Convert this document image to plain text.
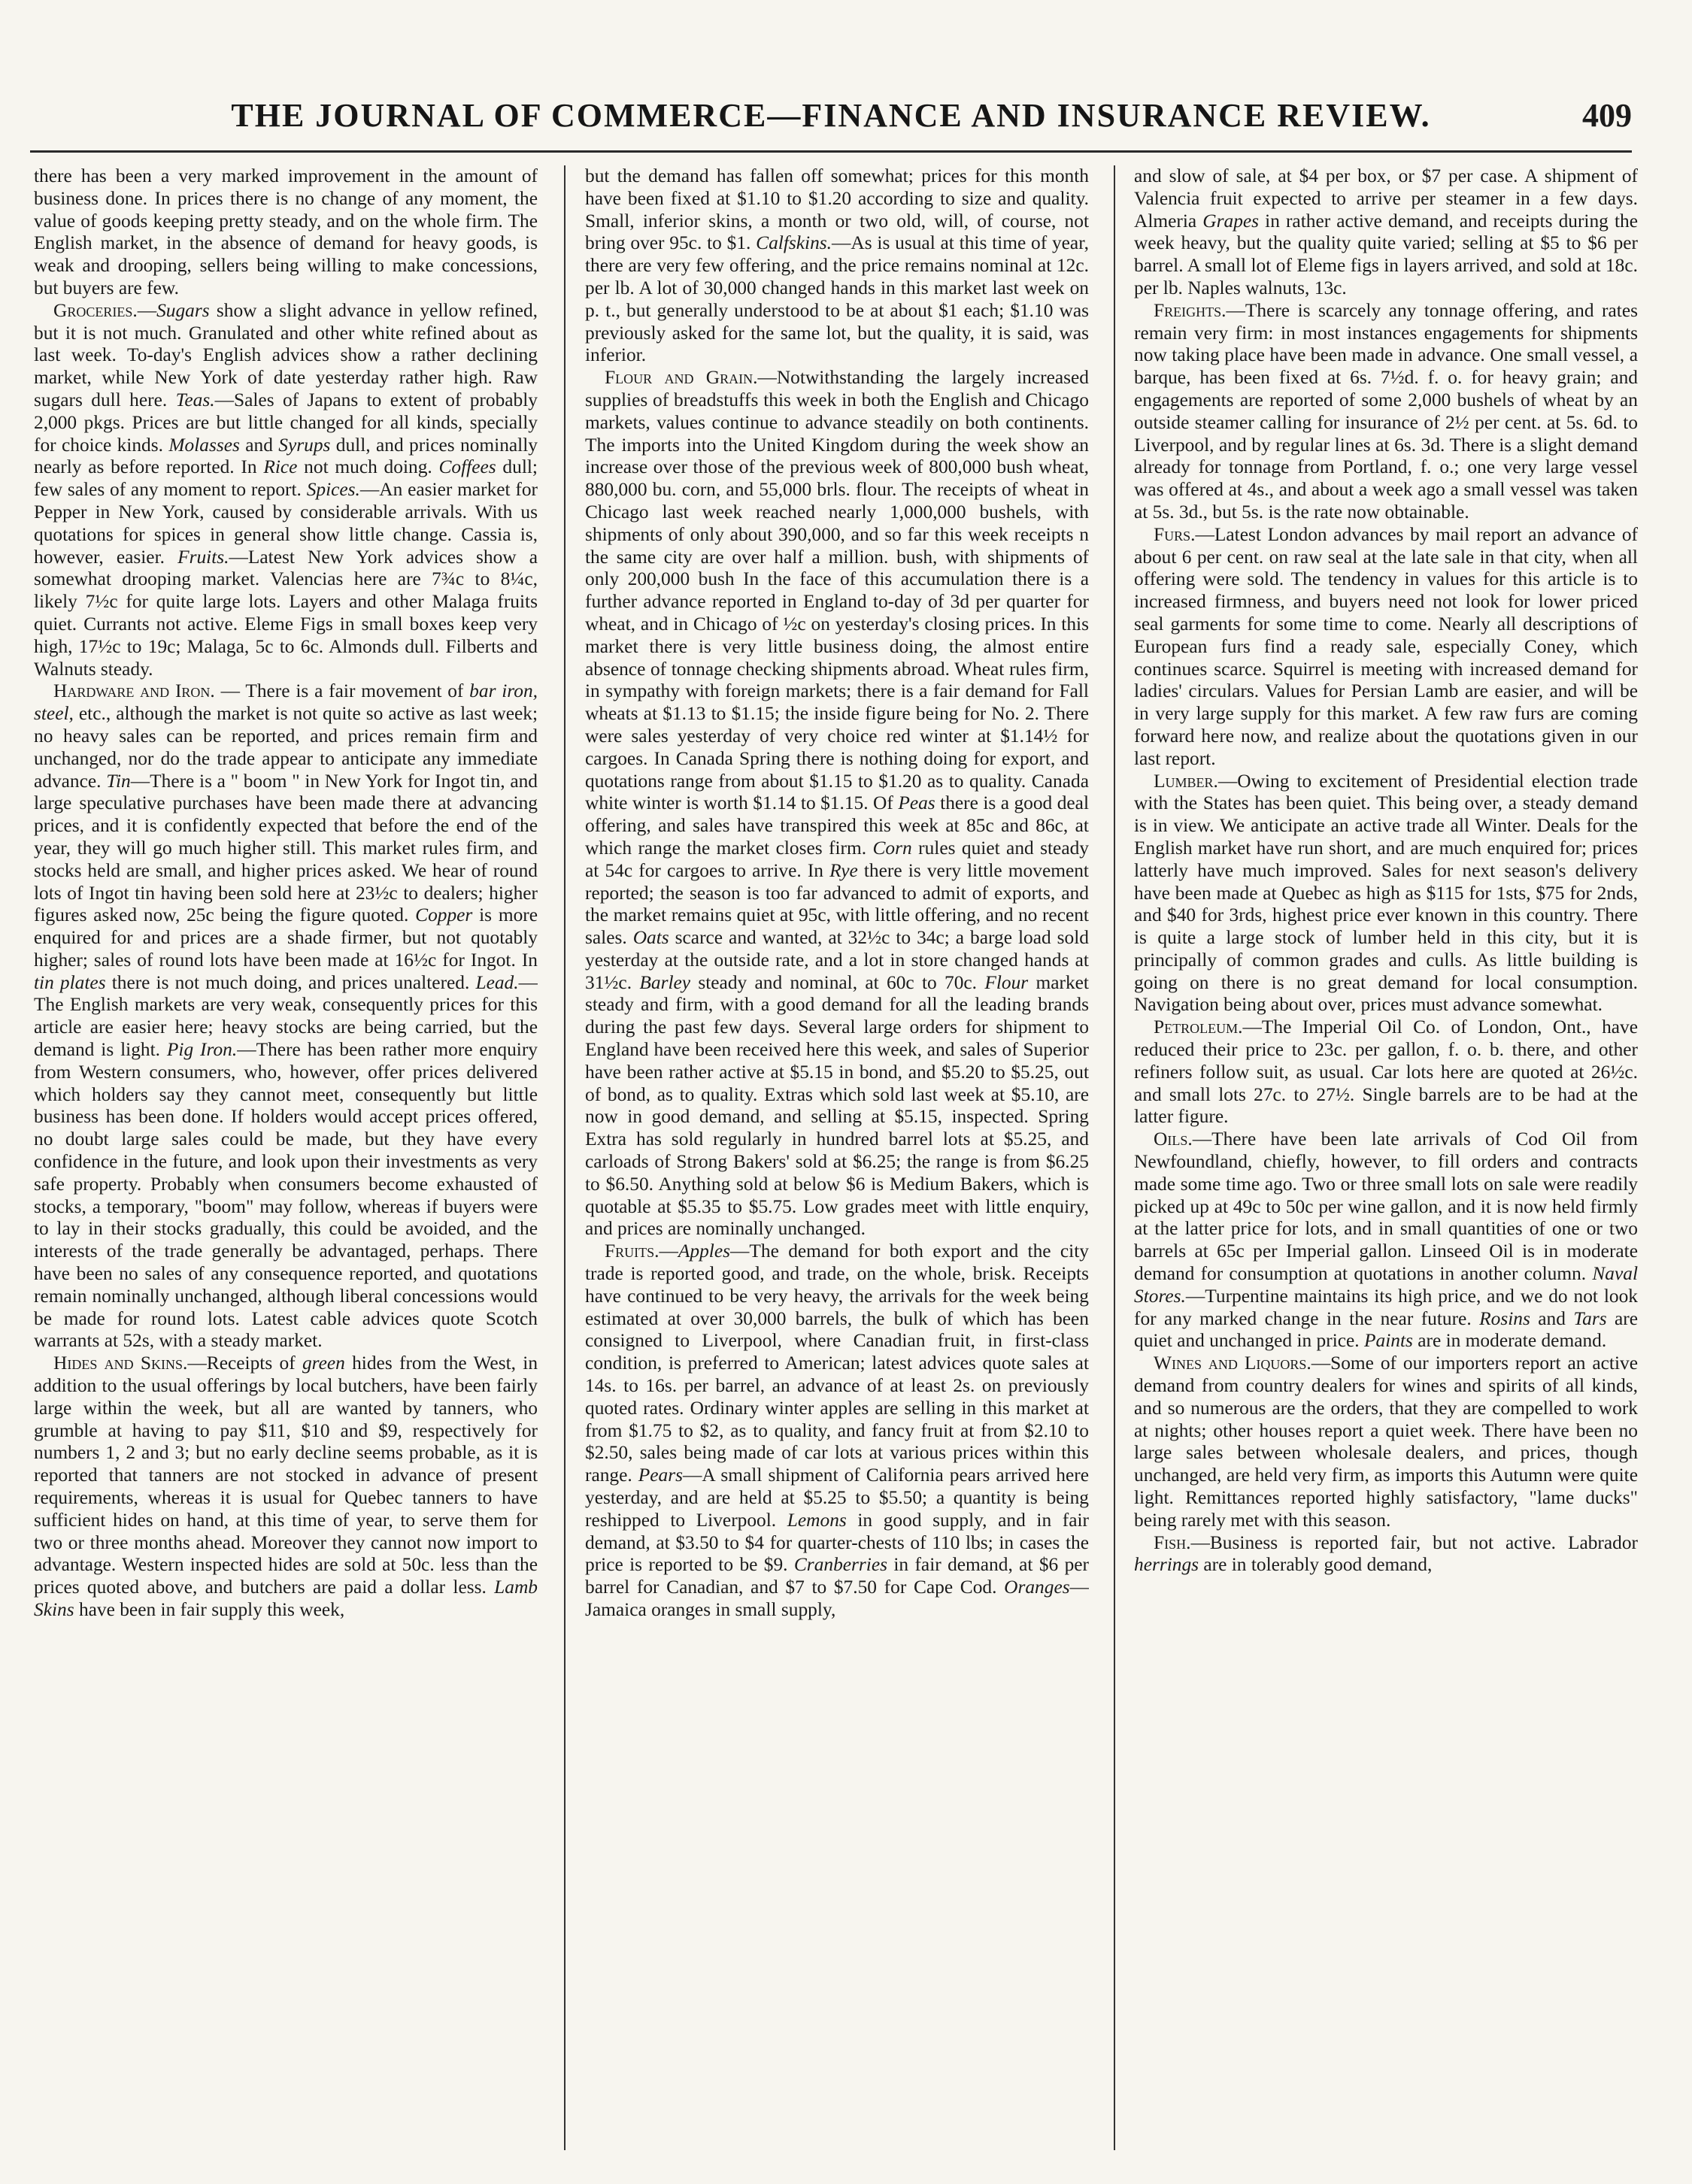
THE JOURNAL OF COMMERCE—FINANCE AND INSURANCE REVIEW.	409

there has been a very marked improvement in the amount of business done. In prices there is no change of any moment, the value of goods keeping pretty steady, and on the whole firm. The English market, in the absence of demand for heavy goods, is weak and drooping, sellers being willing to make concessions, but buyers are few.

Groceries.—Sugars show a slight advance in yellow refined, but it is not much. Granulated and other white refined about as last week. To-day's English advices show a rather declining market, while New York of date yesterday rather high. Raw sugars dull here. Teas.—Sales of Japans to extent of probably 2,000 pkgs. Prices are but little changed for all kinds, specially for choice kinds. Molasses and Syrups dull, and prices nominally nearly as before reported. In Rice not much doing. Coffees dull; few sales of any moment to report. Spices.—An easier market for Pepper in New York, caused by considerable arrivals. With us quotations for spices in general show little change. Cassia is, however, easier. Fruits.—Latest New York advices show a somewhat drooping market. Valencias here are 7¾c to 8¼c, likely 7½c for quite large lots. Layers and other Malaga fruits quiet. Currants not active. Eleme Figs in small boxes keep very high, 17½c to 19c; Malaga, 5c to 6c. Almonds dull. Filberts and Walnuts steady.

Hardware and Iron. — There is a fair movement of bar iron, steel, etc., although the market is not quite so active as last week; no heavy sales can be reported, and prices remain firm and unchanged, nor do the trade appear to anticipate any immediate advance. Tin—There is a " boom " in New York for Ingot tin, and large speculative purchases have been made there at advancing prices, and it is confidently expected that before the end of the year, they will go much higher still. This market rules firm, and stocks held are small, and higher prices asked. We hear of round lots of Ingot tin having been sold here at 23½c to dealers; higher figures asked now, 25c being the figure quoted. Copper is more enquired for and prices are a shade firmer, but not quotably higher; sales of round lots have been made at 16½c for Ingot. In tin plates there is not much doing, and prices unaltered. Lead.—The English markets are very weak, consequently prices for this article are easier here; heavy stocks are being carried, but the demand is light. Pig Iron.—There has been rather more enquiry from Western consumers, who, however, offer prices delivered which holders say they cannot meet, consequently but little business has been done. If holders would accept prices offered, no doubt large sales could be made, but they have every confidence in the future, and look upon their investments as very safe property. Probably when consumers become exhausted of stocks, a temporary, "boom" may follow, whereas if buyers were to lay in their stocks gradually, this could be avoided, and the interests of the trade generally be advantaged, perhaps. There have been no sales of any consequence reported, and quotations remain nominally unchanged, although liberal concessions would be made for round lots. Latest cable advices quote Scotch warrants at 52s, with a steady market.

Hides and Skins.—Receipts of green hides from the West, in addition to the usual offerings by local butchers, have been fairly large within the week, but all are wanted by tanners, who grumble at having to pay $11, $10 and $9, respectively for numbers 1, 2 and 3; but no early decline seems probable, as it is reported that tanners are not stocked in advance of present requirements, whereas it is usual for Quebec tanners to have sufficient hides on hand, at this time of year, to serve them for two or three months ahead. Moreover they cannot now import to advantage. Western inspected hides are sold at 50c. less than the prices quoted above, and butchers are paid a dollar less. Lamb Skins have been in fair supply this week,

but the demand has fallen off somewhat; prices for this month have been fixed at $1.10 to $1.20 according to size and quality. Small, inferior skins, a month or two old, will, of course, not bring over 95c. to $1. Calfskins.—As is usual at this time of year, there are very few offering, and the price remains nominal at 12c. per lb. A lot of 30,000 changed hands in this market last week on p. t., but generally understood to be at about $1 each; $1.10 was previously asked for the same lot, but the quality, it is said, was inferior.

Flour and Grain.—Notwithstanding the largely increased supplies of breadstuffs this week in both the English and Chicago markets, values continue to advance steadily on both continents. The imports into the United Kingdom during the week show an increase over those of the previous week of 800,000 bush wheat, 880,000 bu. corn, and 55,000 brls. flour. The receipts of wheat in Chicago last week reached nearly 1,000,000 bushels, with shipments of only about 390,000, and so far this week receipts n the same city are over half a million. bush, with shipments of only 200,000 bush In the face of this accumulation there is a further advance reported in England to-day of 3d per quarter for wheat, and in Chicago of ½c on yesterday's closing prices. In this market there is very little business doing, the almost entire absence of tonnage checking shipments abroad. Wheat rules firm, in sympathy with foreign markets; there is a fair demand for Fall wheats at $1.13 to $1.15; the inside figure being for No. 2. There were sales yesterday of very choice red winter at $1.14½ for cargoes. In Canada Spring there is nothing doing for export, and quotations range from about $1.15 to $1.20 as to quality. Canada white winter is worth $1.14 to $1.15. Of Peas there is a good deal offering, and sales have transpired this week at 85c and 86c, at which range the market closes firm. Corn rules quiet and steady at 54c for cargoes to arrive. In Rye there is very little movement reported; the season is too far advanced to admit of exports, and the market remains quiet at 95c, with little offering, and no recent sales. Oats scarce and wanted, at 32½c to 34c; a barge load sold yesterday at the outside rate, and a lot in store changed hands at 31½c. Barley steady and nominal, at 60c to 70c. Flour market steady and firm, with a good demand for all the leading brands during the past few days. Several large orders for shipment to England have been received here this week, and sales of Superior have been rather active at $5.15 in bond, and $5.20 to $5.25, out of bond, as to quality. Extras which sold last week at $5.10, are now in good demand, and selling at $5.15, inspected. Spring Extra has sold regularly in hundred barrel lots at $5.25, and carloads of Strong Bakers' sold at $6.25; the range is from $6.25 to $6.50. Anything sold at below $6 is Medium Bakers, which is quotable at $5.35 to $5.75. Low grades meet with little enquiry, and prices are nominally unchanged.

Fruits.—Apples—The demand for both export and the city trade is reported good, and trade, on the whole, brisk. Receipts have continued to be very heavy, the arrivals for the week being estimated at over 30,000 barrels, the bulk of which has been consigned to Liverpool, where Canadian fruit, in first-class condition, is preferred to American; latest advices quote sales at 14s. to 16s. per barrel, an advance of at least 2s. on previously quoted rates. Ordinary winter apples are selling in this market at from $1.75 to $2, as to quality, and fancy fruit at from $2.10 to $2.50, sales being made of car lots at various prices within this range. Pears—A small shipment of California pears arrived here yesterday, and are held at $5.25 to $5.50; a quantity is being reshipped to Liverpool. Lemons in good supply, and in fair demand, at $3.50 to $4 for quarter-chests of 110 lbs; in cases the price is reported to be $9. Cranberries in fair demand, at $6 per barrel for Canadian, and $7 to $7.50 for Cape Cod. Oranges—Jamaica oranges in small supply,

and slow of sale, at $4 per box, or $7 per case. A shipment of Valencia fruit expected to arrive per steamer in a few days. Almeria Grapes in rather active demand, and receipts during the week heavy, but the quality quite varied; selling at $5 to $6 per barrel. A small lot of Eleme figs in layers arrived, and sold at 18c. per lb. Naples walnuts, 13c.

Freights.—There is scarcely any tonnage offering, and rates remain very firm: in most instances engagements for shipments now taking place have been made in advance. One small vessel, a barque, has been fixed at 6s. 7½d. f. o. for heavy grain; and engagements are reported of some 2,000 bushels of wheat by an outside steamer calling for insurance of 2½ per cent. at 5s. 6d. to Liverpool, and by regular lines at 6s. 3d. There is a slight demand already for tonnage from Portland, f. o.; one very large vessel was offered at 4s., and about a week ago a small vessel was taken at 5s. 3d., but 5s. is the rate now obtainable.

Furs.—Latest London advances by mail report an advance of about 6 per cent. on raw seal at the late sale in that city, when all offering were sold. The tendency in values for this article is to increased firmness, and buyers need not look for lower priced seal garments for some time to come. Nearly all descriptions of European furs find a ready sale, especially Coney, which continues scarce. Squirrel is meeting with increased demand for ladies' circulars. Values for Persian Lamb are easier, and will be in very large supply for this market. A few raw furs are coming forward here now, and realize about the quotations given in our last report.

Lumber.—Owing to excitement of Presidential election trade with the States has been quiet. This being over, a steady demand is in view. We anticipate an active trade all Winter. Deals for the English market have run short, and are much enquired for; prices latterly have much improved. Sales for next season's delivery have been made at Quebec as high as $115 for 1sts, $75 for 2nds, and $40 for 3rds, highest price ever known in this country. There is quite a large stock of lumber held in this city, but it is principally of common grades and culls. As little building is going on there is no great demand for local consumption. Navigation being about over, prices must advance somewhat.

Petroleum.—The Imperial Oil Co. of London, Ont., have reduced their price to 23c. per gallon, f. o. b. there, and other refiners follow suit, as usual. Car lots here are quoted at 26½c. and small lots 27c. to 27½. Single barrels are to be had at the latter figure.

Oils.—There have been late arrivals of Cod Oil from Newfoundland, chiefly, however, to fill orders and contracts made some time ago. Two or three small lots on sale were readily picked up at 49c to 50c per wine gallon, and it is now held firmly at the latter price for lots, and in small quantities of one or two barrels at 65c per Imperial gallon. Linseed Oil is in moderate demand for consumption at quotations in another column. Naval Stores.—Turpentine maintains its high price, and we do not look for any marked change in the near future. Rosins and Tars are quiet and unchanged in price. Paints are in moderate demand.

Wines and Liquors.—Some of our importers report an active demand from country dealers for wines and spirits of all kinds, and so numerous are the orders, that they are compelled to work at nights; other houses report a quiet week. There have been no large sales between wholesale dealers, and prices, though unchanged, are held very firm, as imports this Autumn were quite light. Remittances reported highly satisfactory, "lame ducks" being rarely met with this season.

Fish.—Business is reported fair, but not active. Labrador herrings are in tolerably good demand,
